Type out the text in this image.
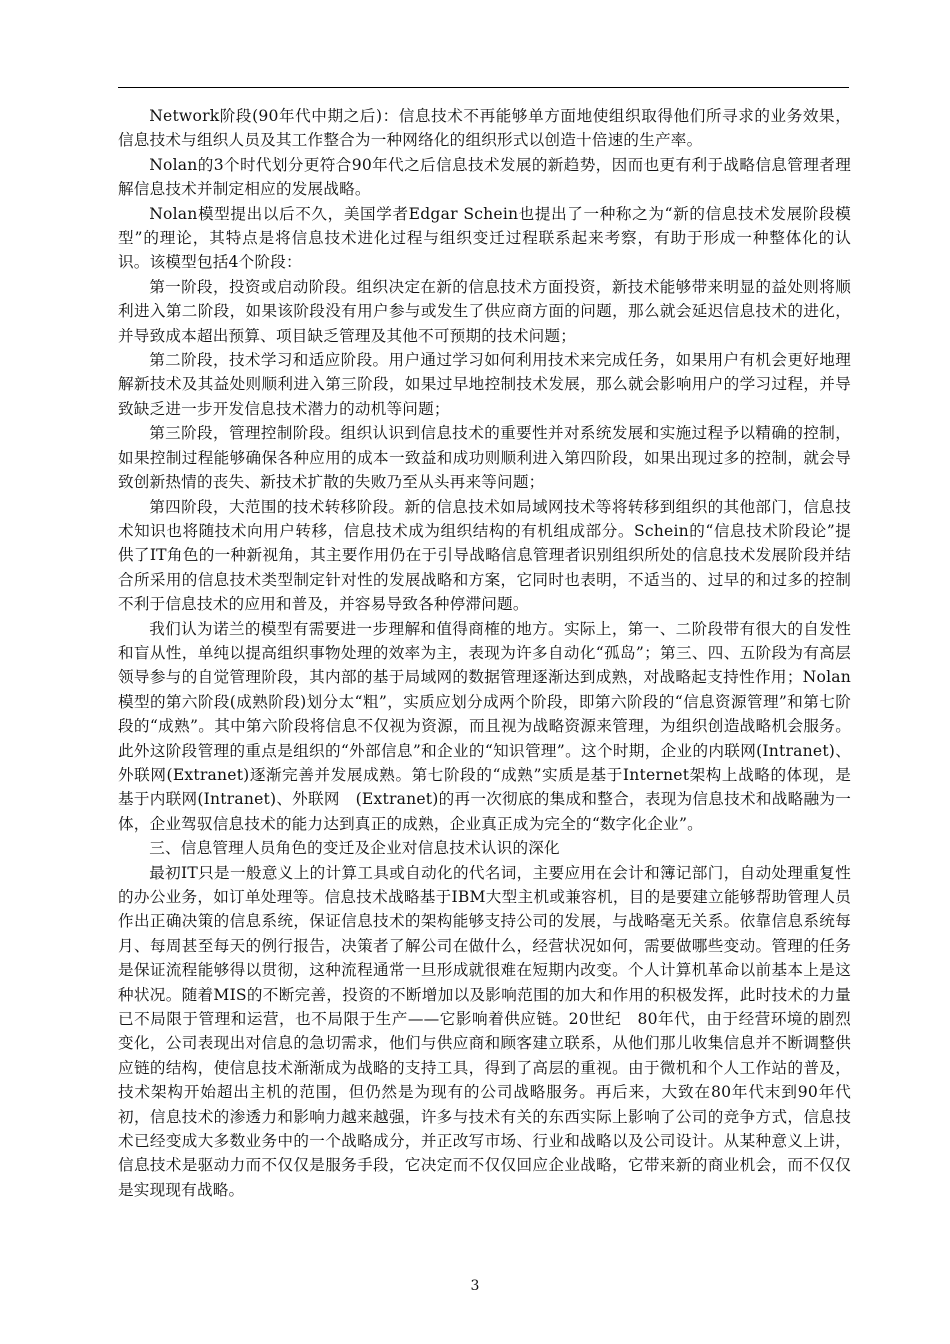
Network阶段(90年代中期之后)：信息技术不再能够单方面地使组织取得他们所寻求的业务效果，信息技术与组织人员及其工作整合为一种网络化的组织形式以创造十倍速的生产率。

Nolan的3个时代划分更符合90年代之后信息技术发展的新趋势，因而也更有利于战略信息管理者理解信息技术并制定相应的发展战略。

Nolan模型提出以后不久，美国学者Edgar Schein也提出了一种称之为“新的信息技术发展阶段模型”的理论，其特点是将信息技术进化过程与组织变迁过程联系起来考察，有助于形成一种整体化的认识。该模型包括4个阶段：

第一阶段，投资或启动阶段。组织决定在新的信息技术方面投资，新技术能够带来明显的益处则将顺利进入第二阶段，如果该阶段没有用户参与或发生了供应商方面的问题，那么就会延迟信息技术的进化，并导致成本超出预算、项目缺乏管理及其他不可预期的技术问题；

第二阶段，技术学习和适应阶段。用户通过学习如何利用技术来完成任务，如果用户有机会更好地理解新技术及其益处则顺利进入第三阶段，如果过早地控制技术发展，那么就会影响用户的学习过程，并导致缺乏进一步开发信息技术潜力的动机等问题；

第三阶段，管理控制阶段。组织认识到信息技术的重要性并对系统发展和实施过程予以精确的控制，如果控制过程能够确保各种应用的成本一致益和成功则顺利进入第四阶段，如果出现过多的控制，就会导致创新热情的丧失、新技术扩散的失败乃至从头再来等问题；

第四阶段，大范围的技术转移阶段。新的信息技术如局域网技术等将转移到组织的其他部门，信息技术知识也将随技术向用户转移，信息技术成为组织结构的有机组成部分。Schein的“信息技术阶段论”提供了IT角色的一种新视角，其主要作用仍在于引导战略信息管理者识别组织所处的信息技术发展阶段并结合所采用的信息技术类型制定针对性的发展战略和方案，它同时也表明，不适当的、过早的和过多的控制不利于信息技术的应用和普及，并容易导致各种停滞问题。

我们认为诺兰的模型有需要进一步理解和值得商榷的地方。实际上，第一、二阶段带有很大的自发性和盲从性，单纯以提高组织事物处理的效率为主，表现为许多自动化“孤岛”；第三、四、五阶段为有高层领导参与的自觉管理阶段，其内部的基于局域网的数据管理逐渐达到成熟，对战略起支持性作用；Nolan模型的第六阶段(成熟阶段)划分太“粗”，实质应划分成两个阶段，即第六阶段的“信息资源管理”和第七阶段的“成熟”。其中第六阶段将信息不仅视为资源，而且视为战略资源来管理，为组织创造战略机会服务。此外这阶段管理的重点是组织的“外部信息”和企业的“知识管理”。这个时期，企业的内联网(Intranet)、外联网(Extranet)逐渐完善并发展成熟。第七阶段的“成熟”实质是基于Internet架构上战略的体现，是基于内联网(Intranet)、外联网　(Extranet)的再一次彻底的集成和整合，表现为信息技术和战略融为一体，企业驾驭信息技术的能力达到真正的成熟，企业真正成为完全的“数字化企业”。

三、信息管理人员角色的变迁及企业对信息技术认识的深化

最初IT只是一般意义上的计算工具或自动化的代名词，主要应用在会计和簿记部门，自动处理重复性的办公业务，如订单处理等。信息技术战略基于IBM大型主机或兼容机，目的是要建立能够帮助管理人员作出正确决策的信息系统，保证信息技术的架构能够支持公司的发展，与战略毫无关系。依靠信息系统每月、每周甚至每天的例行报告，决策者了解公司在做什么，经营状况如何，需要做哪些变动。管理的任务是保证流程能够得以贯彻，这种流程通常一旦形成就很难在短期内改变。个人计算机革命以前基本上是这种状况。随着MIS的不断完善，投资的不断增加以及影响范围的加大和作用的积极发挥，此时技术的力量已不局限于管理和运营，也不局限于生产——它影响着供应链。20世纪　80年代，由于经营环境的剧烈变化，公司表现出对信息的急切需求，他们与供应商和顾客建立联系，从他们那儿收集信息并不断调整供应链的结构，使信息技术渐渐成为战略的支持工具，得到了高层的重视。由于微机和个人工作站的普及，技术架构开始超出主机的范围，但仍然是为现有的公司战略服务。再后来，大致在80年代末到90年代初，信息技术的渗透力和影响力越来越强，许多与技术有关的东西实际上影响了公司的竞争方式，信息技术已经变成大多数业务中的一个战略成分，并正改写市场、行业和战略以及公司设计。从某种意义上讲，信息技术是驱动力而不仅仅是服务手段，它决定而不仅仅回应企业战略，它带来新的商业机会，而不仅仅是实现现有战略。

3
